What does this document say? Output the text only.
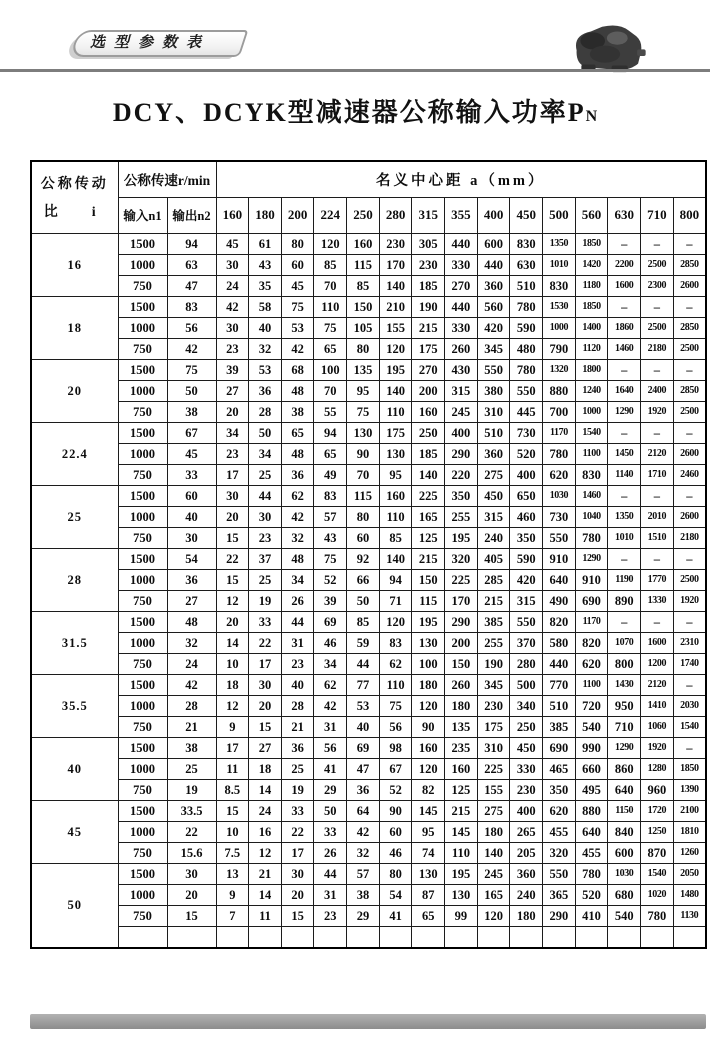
选型参数表
DCY、DCYK型减速器公称输入功率PN
公称传动
比　i	公称传速r/min		名义中心距 a（mm）														
	输入n1	输出n2	160	180	200	224	250	280	315	355	400	450	500	560	630	710	800
16	1500	94	45	61	80	120	160	230	305	440	600	830	1350	1850	–	–	–
	1000	63	30	43	60	85	115	170	230	330	440	630	1010	1420	2200	2500	2850
	750	47	24	35	45	70	85	140	185	270	360	510	830	1180	1600	2300	2600
18	1500	83	42	58	75	110	150	210	190	440	560	780	1530	1850	–	–	–
	1000	56	30	40	53	75	105	155	215	330	420	590	1000	1400	1860	2500	2850
	750	42	23	32	42	65	80	120	175	260	345	480	790	1120	1460	2180	2500
20	1500	75	39	53	68	100	135	195	270	430	550	780	1320	1800	–	–	–
	1000	50	27	36	48	70	95	140	200	315	380	550	880	1240	1640	2400	2850
	750	38	20	28	38	55	75	110	160	245	310	445	700	1000	1290	1920	2500
22.4	1500	67	34	50	65	94	130	175	250	400	510	730	1170	1540	–	–	–
	1000	45	23	34	48	65	90	130	185	290	360	520	780	1100	1450	2120	2600
	750	33	17	25	36	49	70	95	140	220	275	400	620	830	1140	1710	2460
25	1500	60	30	44	62	83	115	160	225	350	450	650	1030	1460	–	–	–
	1000	40	20	30	42	57	80	110	165	255	315	460	730	1040	1350	2010	2600
	750	30	15	23	32	43	60	85	125	195	240	350	550	780	1010	1510	2180
28	1500	54	22	37	48	75	92	140	215	320	405	590	910	1290	–	–	–
	1000	36	15	25	34	52	66	94	150	225	285	420	640	910	1190	1770	2500
	750	27	12	19	26	39	50	71	115	170	215	315	490	690	890	1330	1920
31.5	1500	48	20	33	44	69	85	120	195	290	385	550	820	1170	–	–	–
	1000	32	14	22	31	46	59	83	130	200	255	370	580	820	1070	1600	2310
	750	24	10	17	23	34	44	62	100	150	190	280	440	620	800	1200	1740
35.5	1500	42	18	30	40	62	77	110	180	260	345	500	770	1100	1430	2120	–
	1000	28	12	20	28	42	53	75	120	180	230	340	510	720	950	1410	2030
	750	21	9	15	21	31	40	56	90	135	175	250	385	540	710	1060	1540
40	1500	38	17	27	36	56	69	98	160	235	310	450	690	990	1290	1920	–
	1000	25	11	18	25	41	47	67	120	160	225	330	465	660	860	1280	1850
	750	19	8.5	14	19	29	36	52	82	125	155	230	350	495	640	960	1390
45	1500	33.5	15	24	33	50	64	90	145	215	275	400	620	880	1150	1720	2100
	1000	22	10	16	22	33	42	60	95	145	180	265	455	640	840	1250	1810
	750	15.6	7.5	12	17	26	32	46	74	110	140	205	320	455	600	870	1260
50	1500	30	13	21	30	44	57	80	130	195	245	360	550	780	1030	1540	2050
	1000	20	9	14	20	31	38	54	87	130	165	240	365	520	680	1020	1480
	750	15	7	11	15	23	29	41	65	99	120	180	290	410	540	780	1130
